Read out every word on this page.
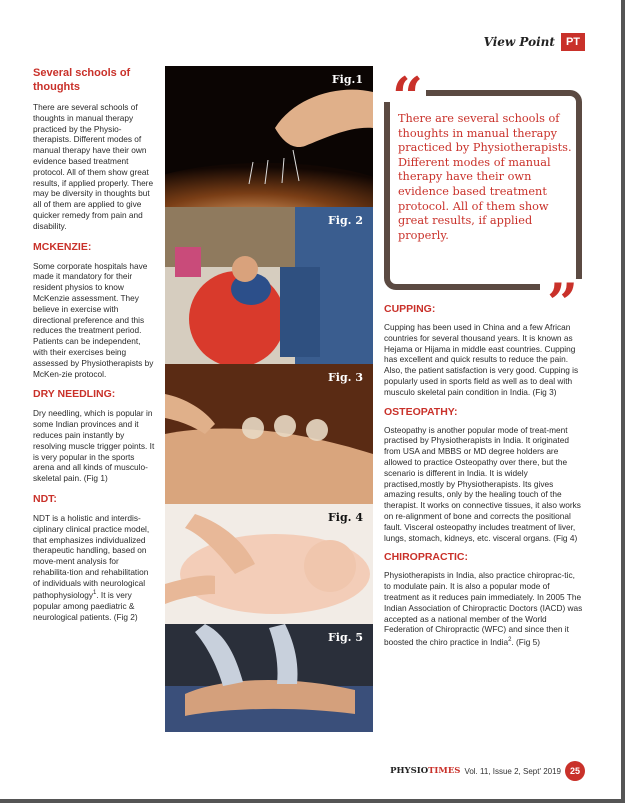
View Point	PT
Several schools of thoughts

There are several schools of thoughts in manual therapy practiced by the Physio-therapists. Different modes of manual therapy have their own evidence based treatment protocol. All of them show great results, if applied properly. There may be diversity in thoughts but all of them are applied to give quicker remedy from pain and disability.

MCKENZIE:

Some corporate hospitals have made it mandatory for their resident physios to know McKenzie assessment. They believe in exercise with directional preference and this reduces the treatment period. Patients can be independent, with their exercises being assessed by Physiotherapists by McKen-zie protocol.

DRY NEEDLING:

Dry needling, which is popular in some Indian provinces and it reduces pain instantly by resolving muscle trigger points. It is very popular in the sports arena and all kinds of musculo-skeletal pain. (Fig 1)

NDT:

NDT is a holistic and interdis-ciplinary clinical practice model, that emphasizes individualized therapeutic handling, based on move-ment analysis for rehabilita-tion and rehabilitation of individuals with neurological pathophysiology$^1$. It is very popular among paediatric & neurological patients. (Fig 2)

Fig.1
Fig. 2
Fig. 3
Fig. 4
Fig. 5
“
”

There are several schools of thoughts in manual therapy practiced by Physiotherapists. Different modes of manual therapy have their own evidence based treatment protocol. All of them show great results, if applied properly.

CUPPING:

Cupping has been used in China and a few African countries for several thousand years. It is known as Hejama or Hijama in middle east countries. Cupping has excellent and quick results to reduce the pain. Also, the patient satisfaction is very good. Cupping is popularly used in sports field as well as to deal with musculo skeletal pain condition in India. (Fig 3)

OSTEOPATHY:

Osteopathy is another popular mode of treat-ment practised by Physiotherapists in India. It originated from USA and MBBS or MD degree holders are allowed to practice Osteopathy over there, but the scenario is different in India. It is widely practised,mostly by Physiotherapists. Its gives amazing results, only by the healing touch of the therapist. It works on connective tissues, it also works on re-alignment of bone and corrects the positional fault. Visceral osteopathy includes treatment of liver, lungs, stomach, kidneys, etc. visceral organs. (Fig 4)

CHIROPRACTIC:

Physiotherapists in India, also practice chiroprac-tic, to modulate pain. It is also a popular mode of treatment as it reduces pain immediately. In 2005 The Indian Association of Chiropractic Doctors (IACD) was accepted as a national member of the World Federation of Chiropractic (WFC) and since then it boosted the chiro practice in India$^2$. (Fig 5)

PHYSIOTIMES Vol. 11, Issue 2, Sept' 2019 25
